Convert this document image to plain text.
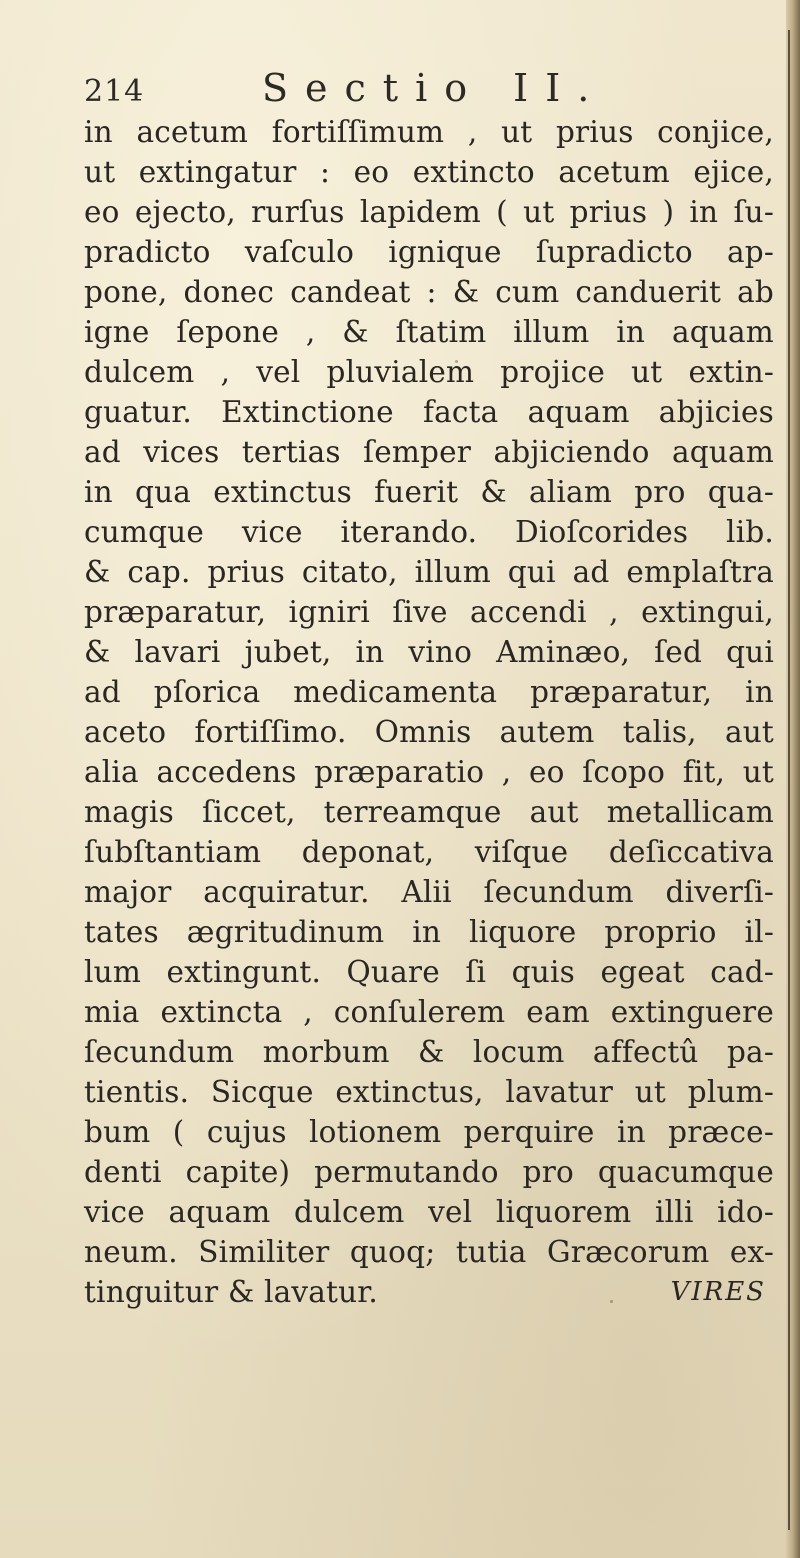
214	Sectio II.
in acetum fortiſſimum , ut prius conjice,
ut extingatur : eo extincto acetum ejice,
eo ejecto, rurſus lapidem ( ut prius ) in ſu-
pradicto vaſculo ignique ſupradicto ap-
pone, donec candeat : & cum canduerit ab
igne ſepone , & ſtatim illum in aquam
dulcem , vel pluvialem projice ut extin-
guatur. Extinctione facta aquam abjicies
ad vices tertias ſemper abjiciendo aquam
in qua extinctus fuerit & aliam pro qua-
cumque vice iterando. Dioſcorides lib.
& cap. prius citato, illum qui ad emplaſtra
præparatur, igniri ſive accendi , extingui,
& lavari jubet, in vino Aminæo, ſed qui
ad pſorica medicamenta præparatur, in
aceto fortiſſimo. Omnis autem talis, aut
alia accedens præparatio , eo ſcopo fit, ut
magis ſiccet, terreamque aut metallicam
ſubſtantiam deponat, viſque deſiccativa
major acquiratur. Alii ſecundum diverſi-
tates ægritudinum in liquore proprio il-
lum extingunt. Quare ſi quis egeat cad-
mia extincta , conſulerem eam extinguere
ſecundum morbum & locum affectû pa-
tientis. Sicque extinctus, lavatur ut plum-
bum ( cujus lotionem perquire in præce-
denti capite) permutando pro quacumque
vice aquam dulcem vel liquorem illi ido-
neum. Similiter quoq; tutia Græcorum ex-
tinguitur & lavatur.	VIRES
